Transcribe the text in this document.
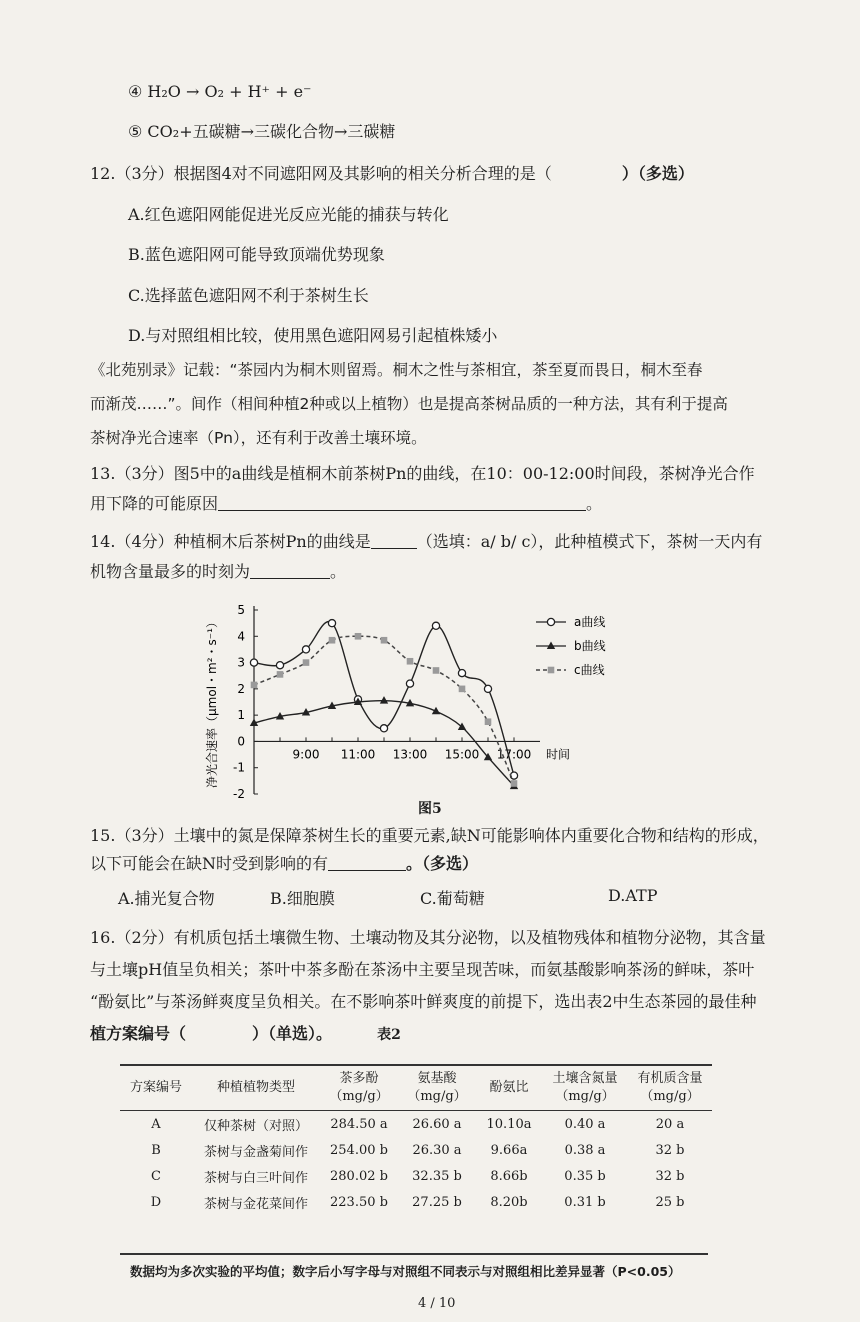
④ H₂O → O₂ + H⁺ + e⁻
⑤ CO₂+五碳糖→三碳化合物→三碳糖
12.（3分）根据图4对不同遮阳网及其影响的相关分析合理的是（	）（多选）
A.红色遮阳网能促进光反应光能的捕获与转化
B.蓝色遮阳网可能导致顶端优势现象
C.选择蓝色遮阳网不利于茶树生长
D.与对照组相比较，使用黑色遮阳网易引起植株矮小
《北苑别录》记载：“茶园内为桐木则留焉。桐木之性与茶相宜，茶至夏而畏日，桐木至春
而渐茂……”。间作（相间种植2种或以上植物）也是提高茶树品质的一种方法，其有利于提高
茶树净光合速率（Pn），还有利于改善土壤环境。
13.（3分）图5中的a曲线是植桐木前茶树Pn的曲线，在10：00-12:00时间段，茶树净光合作
用下降的可能原因	。
14.（4分）种植桐木后茶树Pn的曲线是	（选填：a/ b/ c），此种植模式下，茶树一天内有
机物含量最多的时刻为	。
-2
-1
0
1
2
3
4
5
9:00 11:00 13:00 15:00 17:00 时间
净光合速率（μmol・m²・s⁻¹）	a曲线
b曲线
c曲线
图5
15.（3分）土壤中的氮是保障茶树生长的重要元素,缺N可能影响体内重要化合物和结构的形成，
以下可能会在缺N时受到影响的有	。（多选）
A.捕光复合物	B.细胞膜	C.葡萄糖	D.ATP
16.（2分）有机质包括土壤微生物、土壤动物及其分泌物，以及植物残体和植物分泌物，其含量
与土壤pH值呈负相关；茶叶中茶多酚在茶汤中主要呈现苦味，而氨基酸影响茶汤的鲜味，茶叶
“酚氨比”与茶汤鲜爽度呈负相关。在不影响茶叶鲜爽度的前提下，选出表2中生态茶园的最佳种
植方案编号（	）（单选）。	表2
方案编号	种植植物类型	茶多酚
（mg/g）	氨基酸
（mg/g）	酚氨比	土壤含氮量
（mg/g）	有机质含量
（mg/g）
A	仅种茶树（对照）	284.50 a	26.60 a	10.10a	0.40 a	20 a
B	茶树与金盏菊间作	254.00 b	26.30 a	9.66a	0.38 a	32 b
C	茶树与白三叶间作	280.02 b	32.35 b	8.66b	0.35 b	32 b
D	茶树与金花菜间作	223.50 b	27.25 b	8.20b	0.31 b	25 b
数据均为多次实验的平均值；数字后小写字母与对照组不同表示与对照组相比差异显著（P<0.05）
4 / 10
